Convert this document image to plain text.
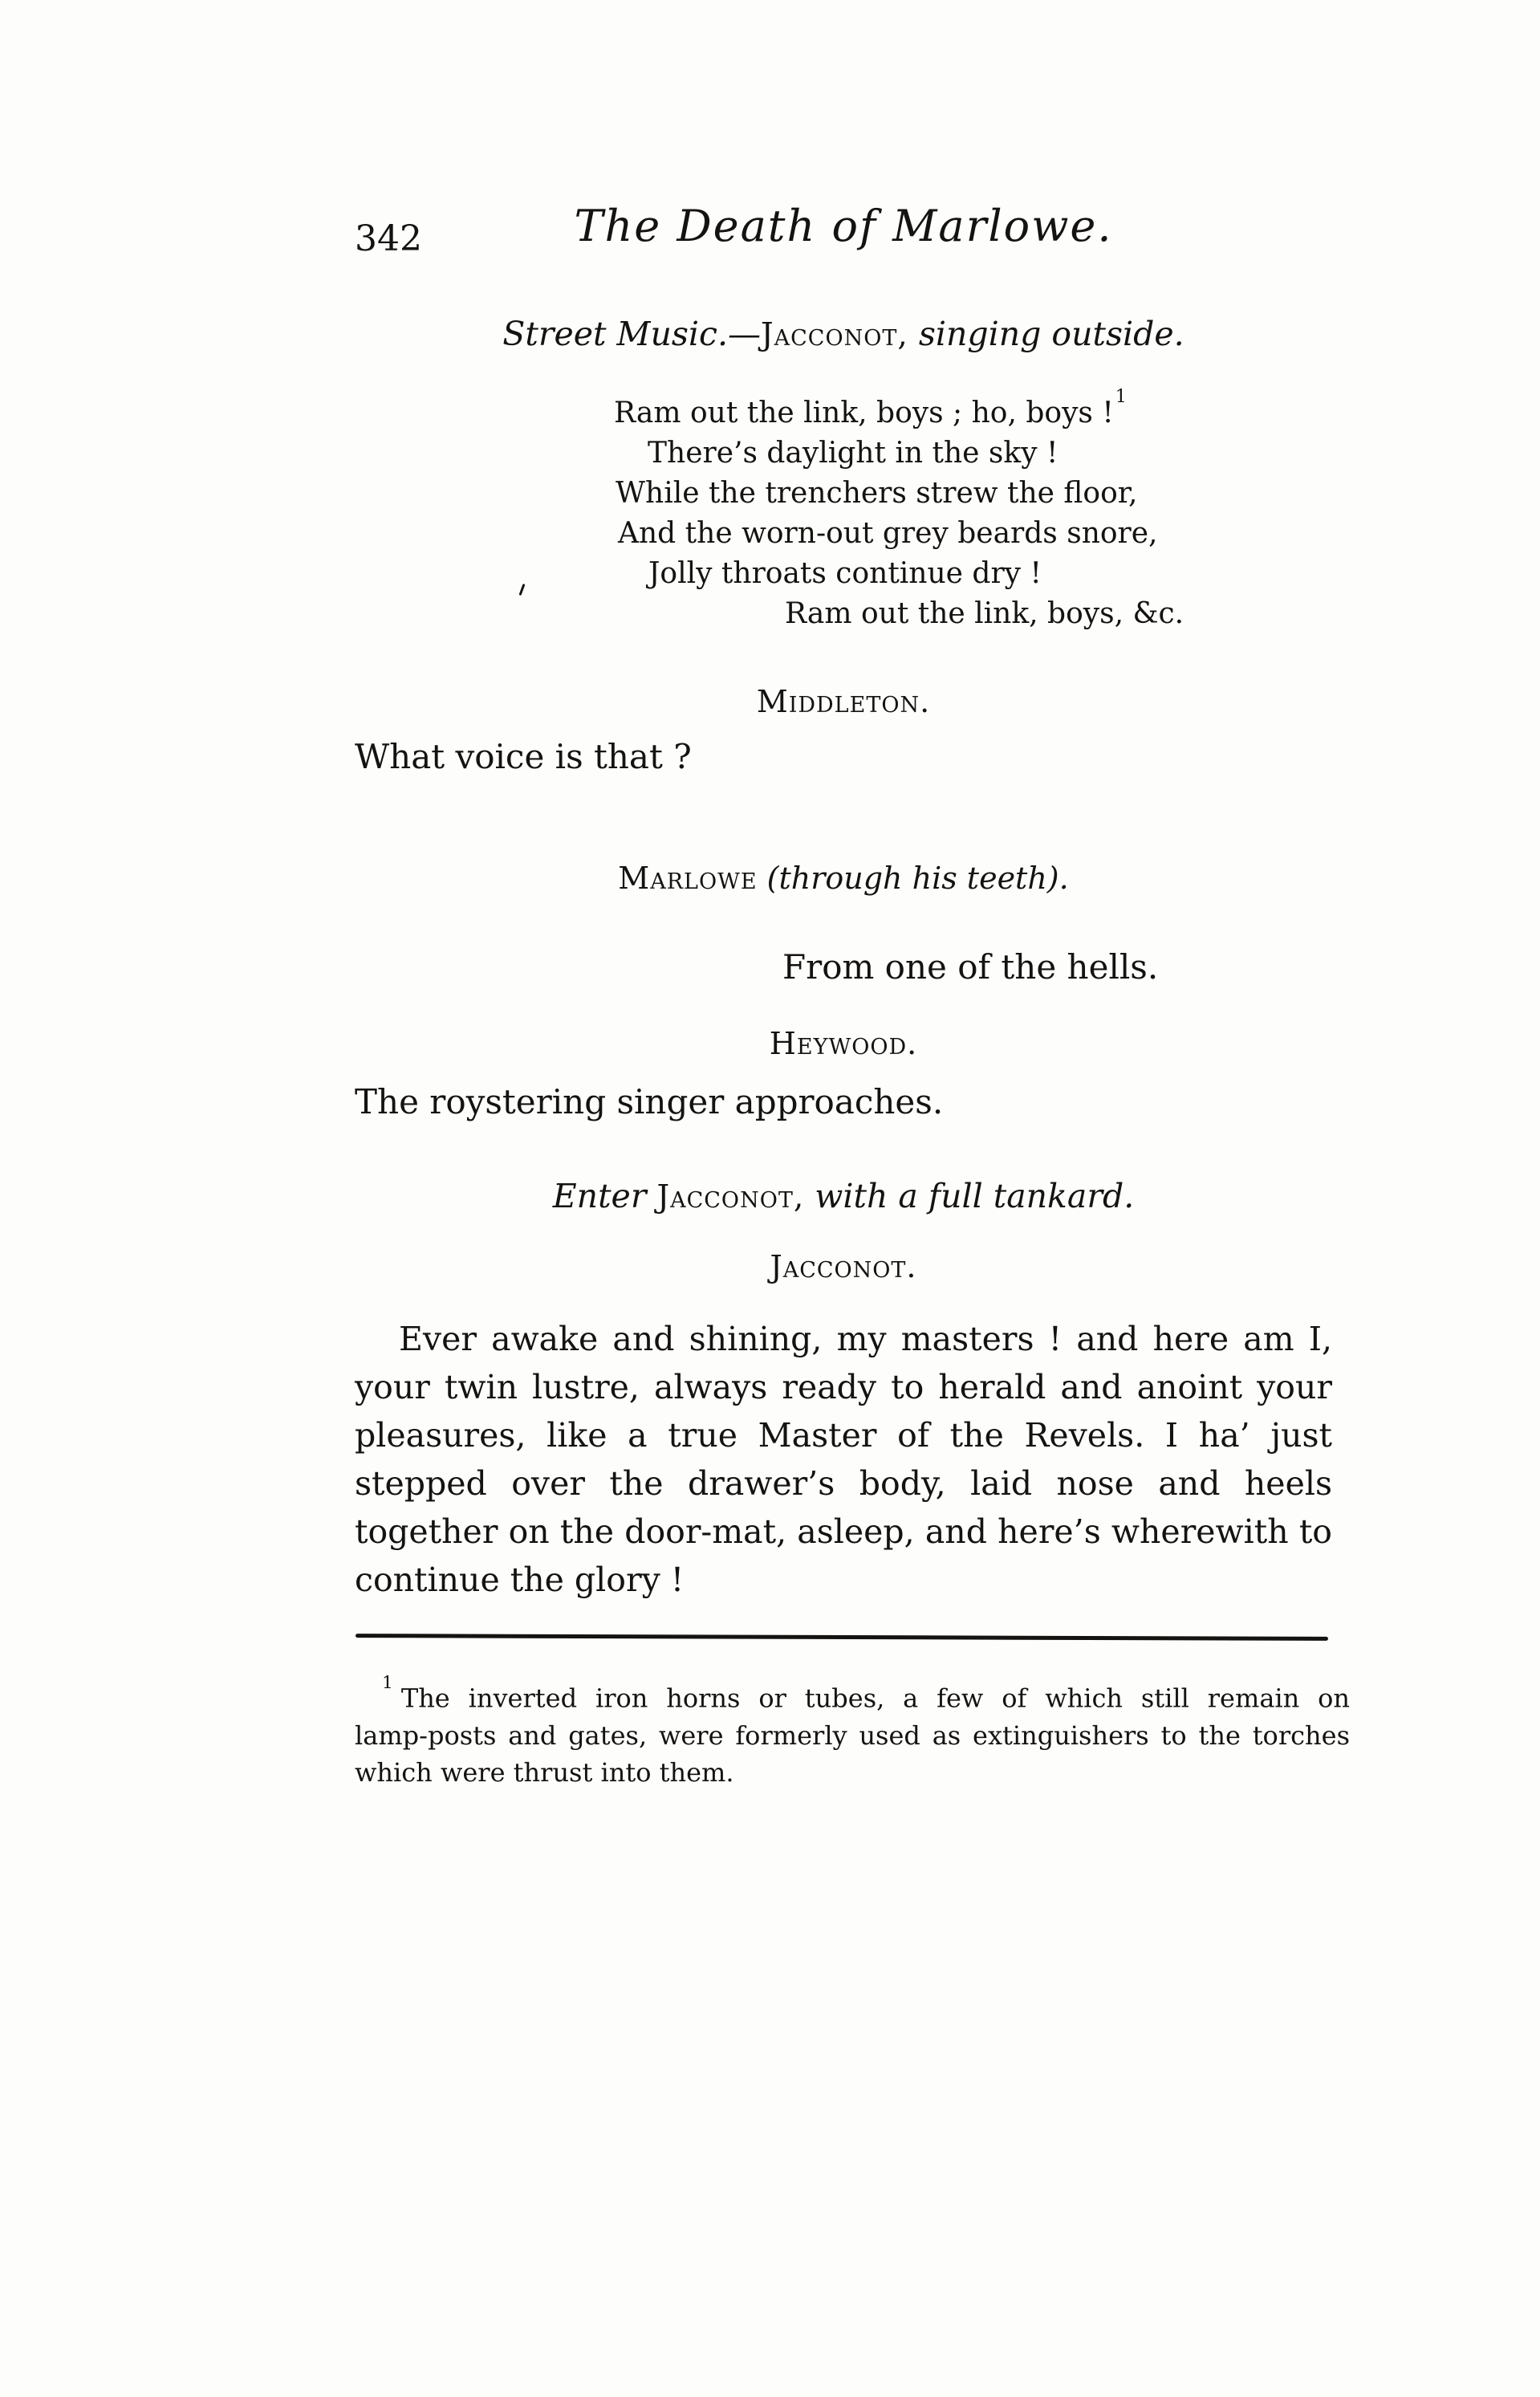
342	The Death of Marlowe.
Street Music.—Jacconot, singing outside.
Ram out the link, boys ; ho, boys !$^1$
There’s daylight in the sky !
While the trenchers strew the floor,
And the worn-out grey beards snore,
Jolly throats continue dry !
Ram out the link, boys, &c.
Middleton.
What voice is that ?
Marlowe (through his teeth).
From one of the hells.
Heywood.
The roystering singer approaches.
Enter Jacconot, with a full tankard.
Jacconot.
Ever awake and shining, my masters ! and here am I,
your twin lustre, always ready to herald and anoint your
pleasures, like a true Master of the Revels. I ha’ just
stepped over the drawer’s body, laid nose and heels
together on the door-mat, asleep, and here’s wherewith to
continue the glory !
$^1$The inverted iron horns or tubes, a few of which still remain on
lamp-posts and gates, were formerly used as extinguishers to the torches
which were thrust into them.
